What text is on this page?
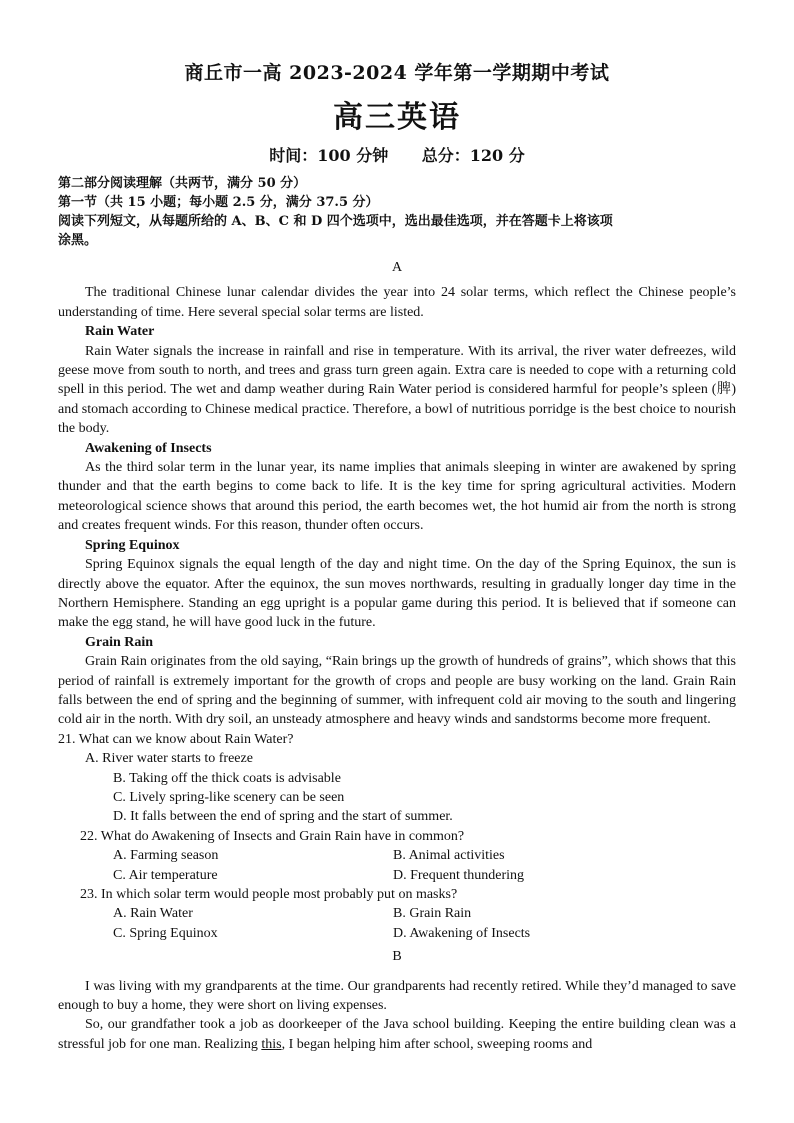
商丘市一高 2023-2024 学年第一学期期中考试
高三英语
时间：100 分钟 总分：120 分
第二部分阅读理解（共两节，满分 50 分）
第一节（共 15 小题；每小题 2.5 分，满分 37.5 分）
阅读下列短文，从每题所给的 A、B、C 和 D 四个选项中，选出最佳选项，并在答题卡上将该项
涂黑。
A

The traditional Chinese lunar calendar divides the year into 24 solar terms, which reflect the Chinese people’s understanding of time. Here several special solar terms are listed.

Rain Water

Rain Water signals the increase in rainfall and rise in temperature. With its arrival, the river water defreezes, wild geese move from south to north, and trees and grass turn green again. Extra care is needed to cope with a returning cold spell in this period. The wet and damp weather during Rain Water period is considered harmful for people’s spleen (脾) and stomach according to Chinese medical practice. Therefore, a bowl of nutritious porridge is the best choice to nourish the body.

Awakening of Insects

As the third solar term in the lunar year, its name implies that animals sleeping in winter are awakened by spring thunder and that the earth begins to come back to life. It is the key time for spring agricultural activities. Modern meteorological science shows that around this period, the earth becomes wet, the hot humid air from the north is strong and creates frequent winds. For this reason, thunder often occurs.

Spring Equinox

Spring Equinox signals the equal length of the day and night time. On the day of the Spring Equinox, the sun is directly above the equator. After the equinox, the sun moves northwards, resulting in gradually longer day time in the Northern Hemisphere. Standing an egg upright is a popular game during this period. It is believed that if someone can make the egg stand, he will have good luck in the future.

Grain Rain

Grain Rain originates from the old saying, “Rain brings up the growth of hundreds of grains”, which shows that this period of rainfall is extremely important for the growth of crops and people are busy working on the land. Grain Rain falls between the end of spring and the beginning of summer, with infrequent cold air moving to the south and lingering cold air in the north. With dry soil, an unsteady atmosphere and heavy winds and sandstorms become more frequent.

21. What can we know about Rain Water?
A. River water starts to freeze
B. Taking off the thick coats is advisable
C. Lively spring-like scenery can be seen
D. It falls between the end of spring and the start of summer.
22. What do Awakening of Insects and Grain Rain have in common?
A. Farming season	B. Animal activities
C. Air temperature	D. Frequent thundering
23. In which solar term would people most probably put on masks?
A. Rain Water	B. Grain Rain
C. Spring Equinox	D. Awakening of Insects
B

I was living with my grandparents at the time. Our grandparents had recently retired. While they’d managed to save enough to buy a home, they were short on living expenses.

So, our grandfather took a job as doorkeeper of the Java school building. Keeping the entire building clean was a stressful job for one man. Realizing this, I began helping him after school, sweeping rooms and
